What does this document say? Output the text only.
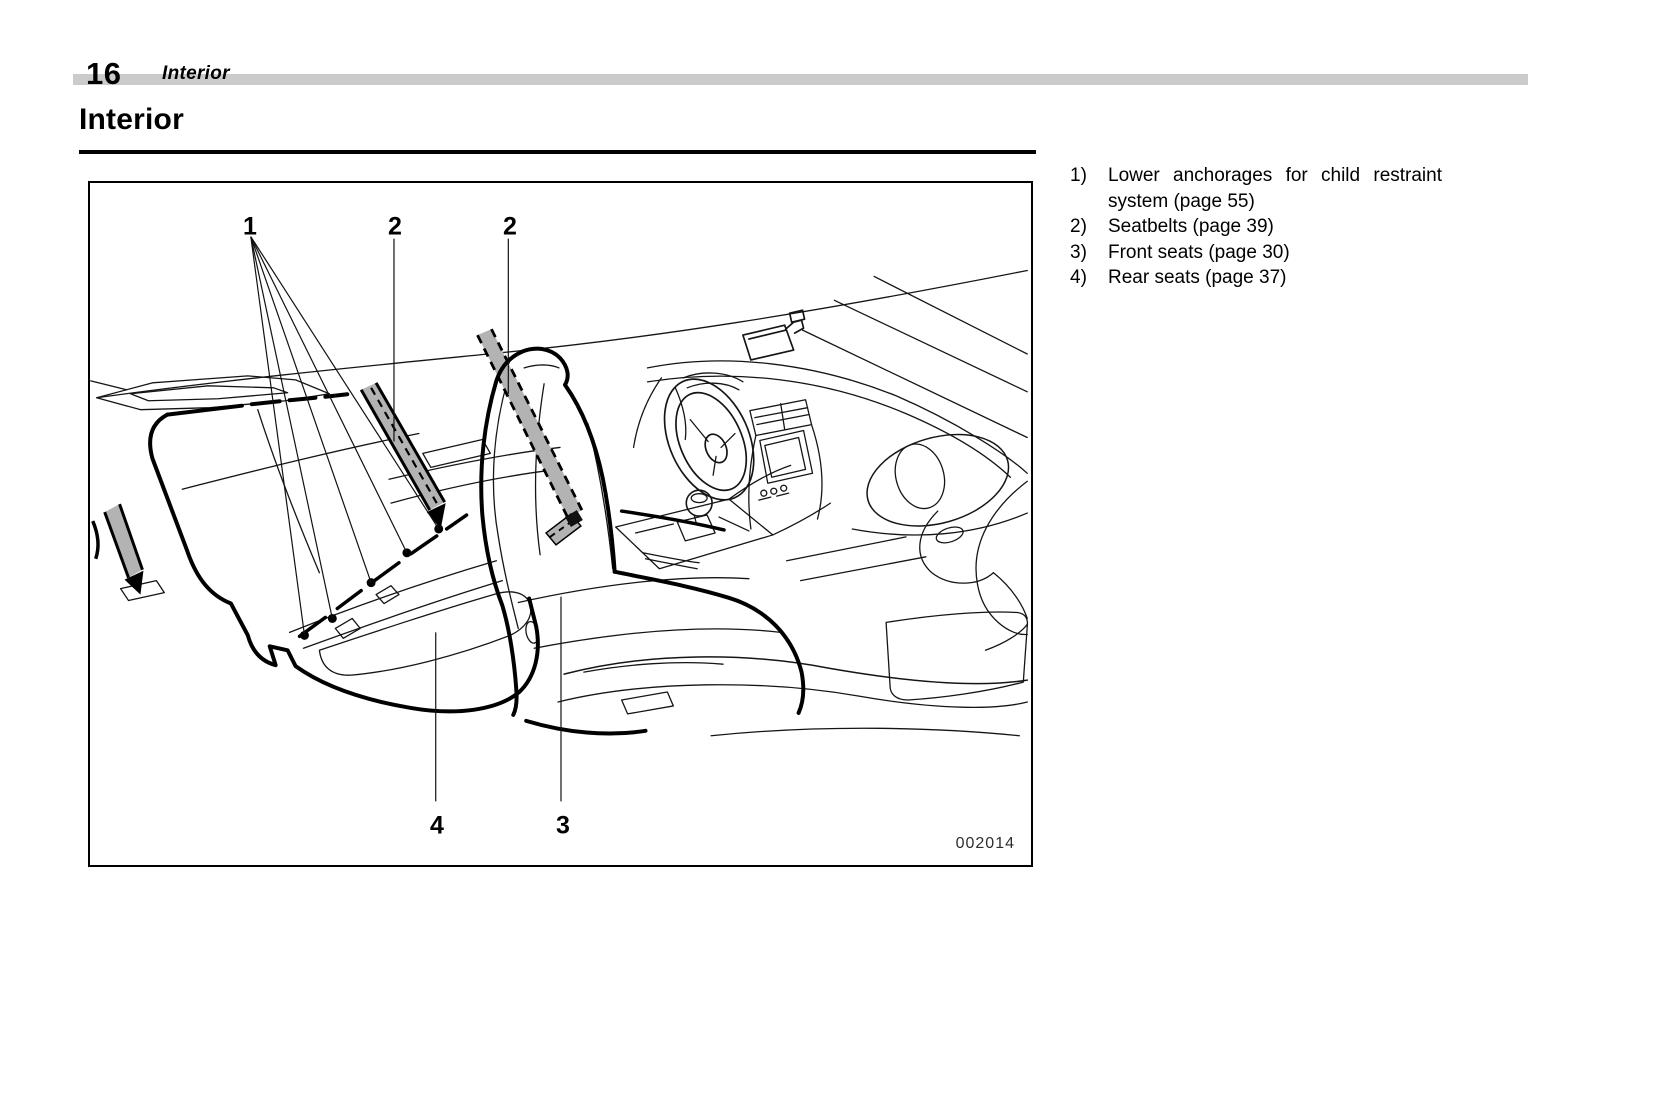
16 Interior
Interior
1	2	2
4	3
002014
1)	Lower anchorages for child restraint system (page 55)
2)	Seatbelts (page 39)
3)	Front seats (page 30)
4)	Rear seats (page 37)
